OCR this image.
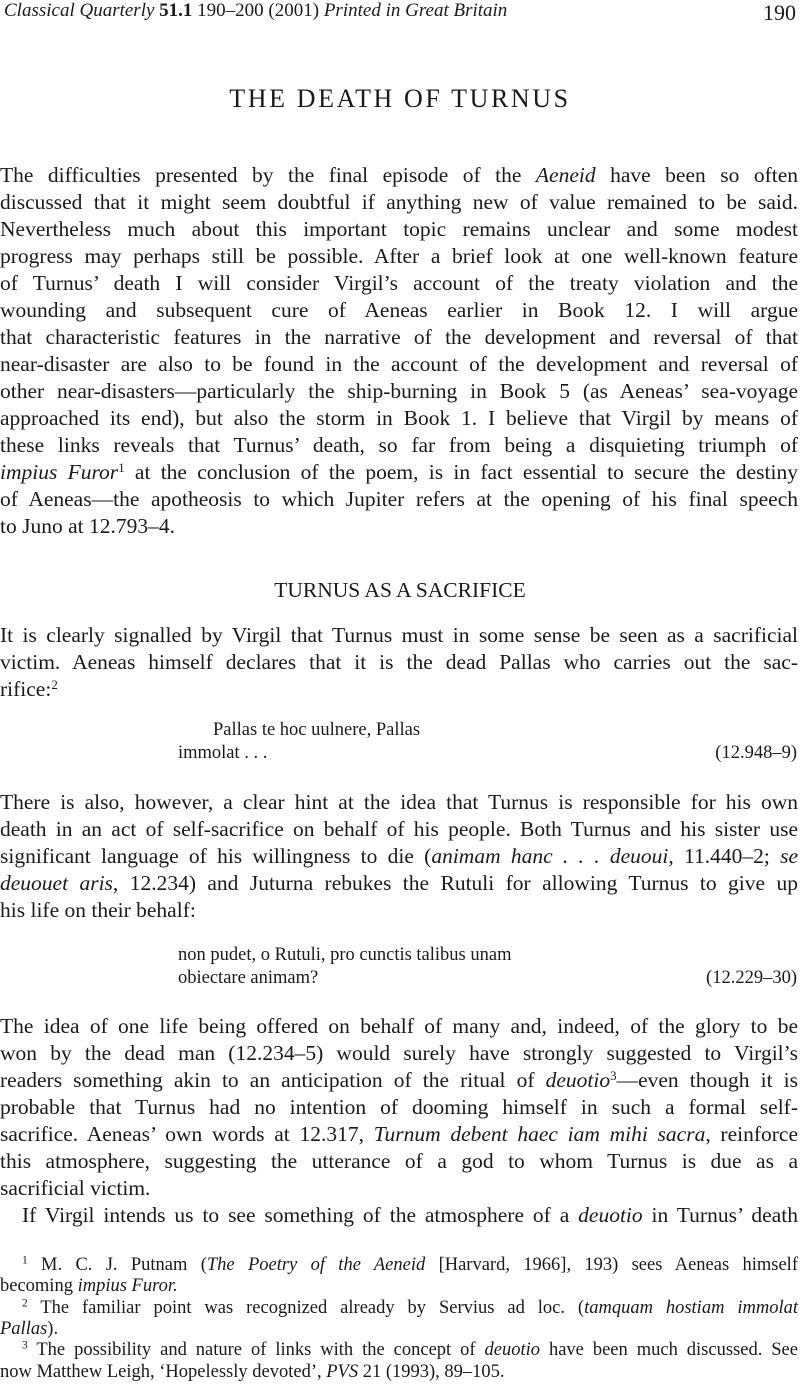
Classical Quarterly 51.1 190–200 (2001) Printed in Great Britain	190
THE DEATH OF TURNUS
The difficulties presented by the final episode of the Aeneid have been so often
discussed that it might seem doubtful if anything new of value remained to be said.
Nevertheless much about this important topic remains unclear and some modest
progress may perhaps still be possible. After a brief look at one well-known feature
of Turnus’ death I will consider Virgil’s account of the treaty violation and the
wounding and subsequent cure of Aeneas earlier in Book 12. I will argue
that characteristic features in the narrative of the development and reversal of that
near-disaster are also to be found in the account of the development and reversal of
other near-disasters—particularly the ship-burning in Book 5 (as Aeneas’ sea-voyage
approached its end), but also the storm in Book 1. I believe that Virgil by means of
these links reveals that Turnus’ death, so far from being a disquieting triumph of
impius Furor$^1$ at the conclusion of the poem, is in fact essential to secure the destiny
of Aeneas—the apotheosis to which Jupiter refers at the opening of his final speech
to Juno at 12.793–4.
TURNUS AS A SACRIFICE
It is clearly signalled by Virgil that Turnus must in some sense be seen as a sacrificial
victim. Aeneas himself declares that it is the dead Pallas who carries out the sac-
rifice:$^2$
Pallas te hoc uulnere, Pallas
immolat . . .	(12.948–9)
There is also, however, a clear hint at the idea that Turnus is responsible for his own
death in an act of self-sacrifice on behalf of his people. Both Turnus and his sister use
significant language of his willingness to die (animam hanc . . . deuoui, 11.440–2; se
deuouet aris, 12.234) and Juturna rebukes the Rutuli for allowing Turnus to give up
his life on their behalf:
non pudet, o Rutuli, pro cunctis talibus unam
obiectare animam?	(12.229–30)
The idea of one life being offered on behalf of many and, indeed, of the glory to be
won by the dead man (12.234–5) would surely have strongly suggested to Virgil’s
readers something akin to an anticipation of the ritual of deuotio$^3$—even though it is
probable that Turnus had no intention of dooming himself in such a formal self-
sacrifice. Aeneas’ own words at 12.317, Turnum debent haec iam mihi sacra, reinforce
this atmosphere, suggesting the utterance of a god to whom Turnus is due as a
sacrificial victim.
If Virgil intends us to see something of the atmosphere of a deuotio in Turnus’ death
$^1$ M. C. J. Putnam (The Poetry of the Aeneid [Harvard, 1966], 193) sees Aeneas himself
becoming impius Furor.
$^2$ The familiar point was recognized already by Servius ad loc. (tamquam hostiam immolat
Pallas).
$^3$ The possibility and nature of links with the concept of deuotio have been much discussed. See
now Matthew Leigh, ‘Hopelessly devoted’, PVS 21 (1993), 89–105.
